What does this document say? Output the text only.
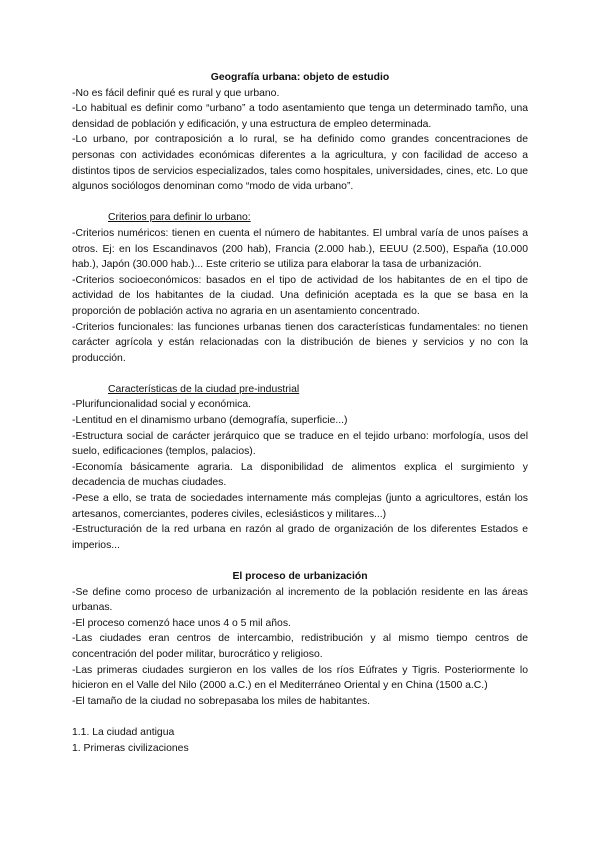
Geografía urbana: objeto de estudio

-No es fácil definir qué es rural y que urbano.

-Lo habitual es definir como “urbano” a todo asentamiento que tenga un determinado tamño, una densidad de población y edificación, y una estructura de empleo determinada.

-Lo urbano, por contraposición a lo rural, se ha definido como grandes concentraciones de personas con actividades económicas diferentes a la agricultura, y con facilidad de acceso a distintos tipos de servicios especializados, tales como hospitales, universidades, cines, etc. Lo que algunos sociólogos denominan como “modo de vida urbano”.

Criterios para definir lo urbano:

-Criterios numéricos: tienen en cuenta el número de habitantes. El umbral varía de unos países a otros. Ej: en los Escandinavos (200 hab), Francia (2.000 hab.), EEUU (2.500), España (10.000 hab.), Japón (30.000 hab.)... Este criterio se utiliza para elaborar la tasa de urbanización.

-Criterios socioeconómicos: basados en el tipo de actividad de los habitantes de en el tipo de actividad de los habitantes de la ciudad. Una definición aceptada es la que se basa en la proporción de población activa no agraria en un asentamiento concentrado.

-Criterios funcionales: las funciones urbanas tienen dos características fundamentales: no tienen carácter agrícola y están relacionadas con la distribución de bienes y servicios y no con la producción.

Características de la ciudad pre-industrial

-Plurifuncionalidad social y económica.

-Lentitud en el dinamismo urbano (demografía, superficie...)

-Estructura social de carácter jerárquico que se traduce en el tejido urbano: morfología, usos del suelo, edificaciones (templos, palacios).

-Economía básicamente agraria. La disponibilidad de alimentos explica el surgimiento y decadencia de muchas ciudades.

-Pese a ello, se trata de sociedades internamente más complejas (junto a agricultores, están los artesanos, comerciantes, poderes civiles, eclesiásticos y militares...)

-Estructuración de la red urbana en razón al grado de organización de los diferentes Estados e imperios...

El proceso de urbanización

-Se define como proceso de urbanización al incremento de la población residente en las áreas urbanas.

-El proceso comenzó hace unos 4 o 5 mil años.

-Las ciudades eran centros de intercambio, redistribución y al mismo tiempo centros de concentración del poder militar, burocrático y religioso.

-Las primeras ciudades surgieron en los valles de los ríos Eúfrates y Tigris. Posteriormente lo hicieron en el Valle del Nilo (2000 a.C.) en el Mediterráneo Oriental y en China (1500 a.C.)

-El tamaño de la ciudad no sobrepasaba los miles de habitantes.

1.1. La ciudad antigua

1. Primeras civilizaciones
